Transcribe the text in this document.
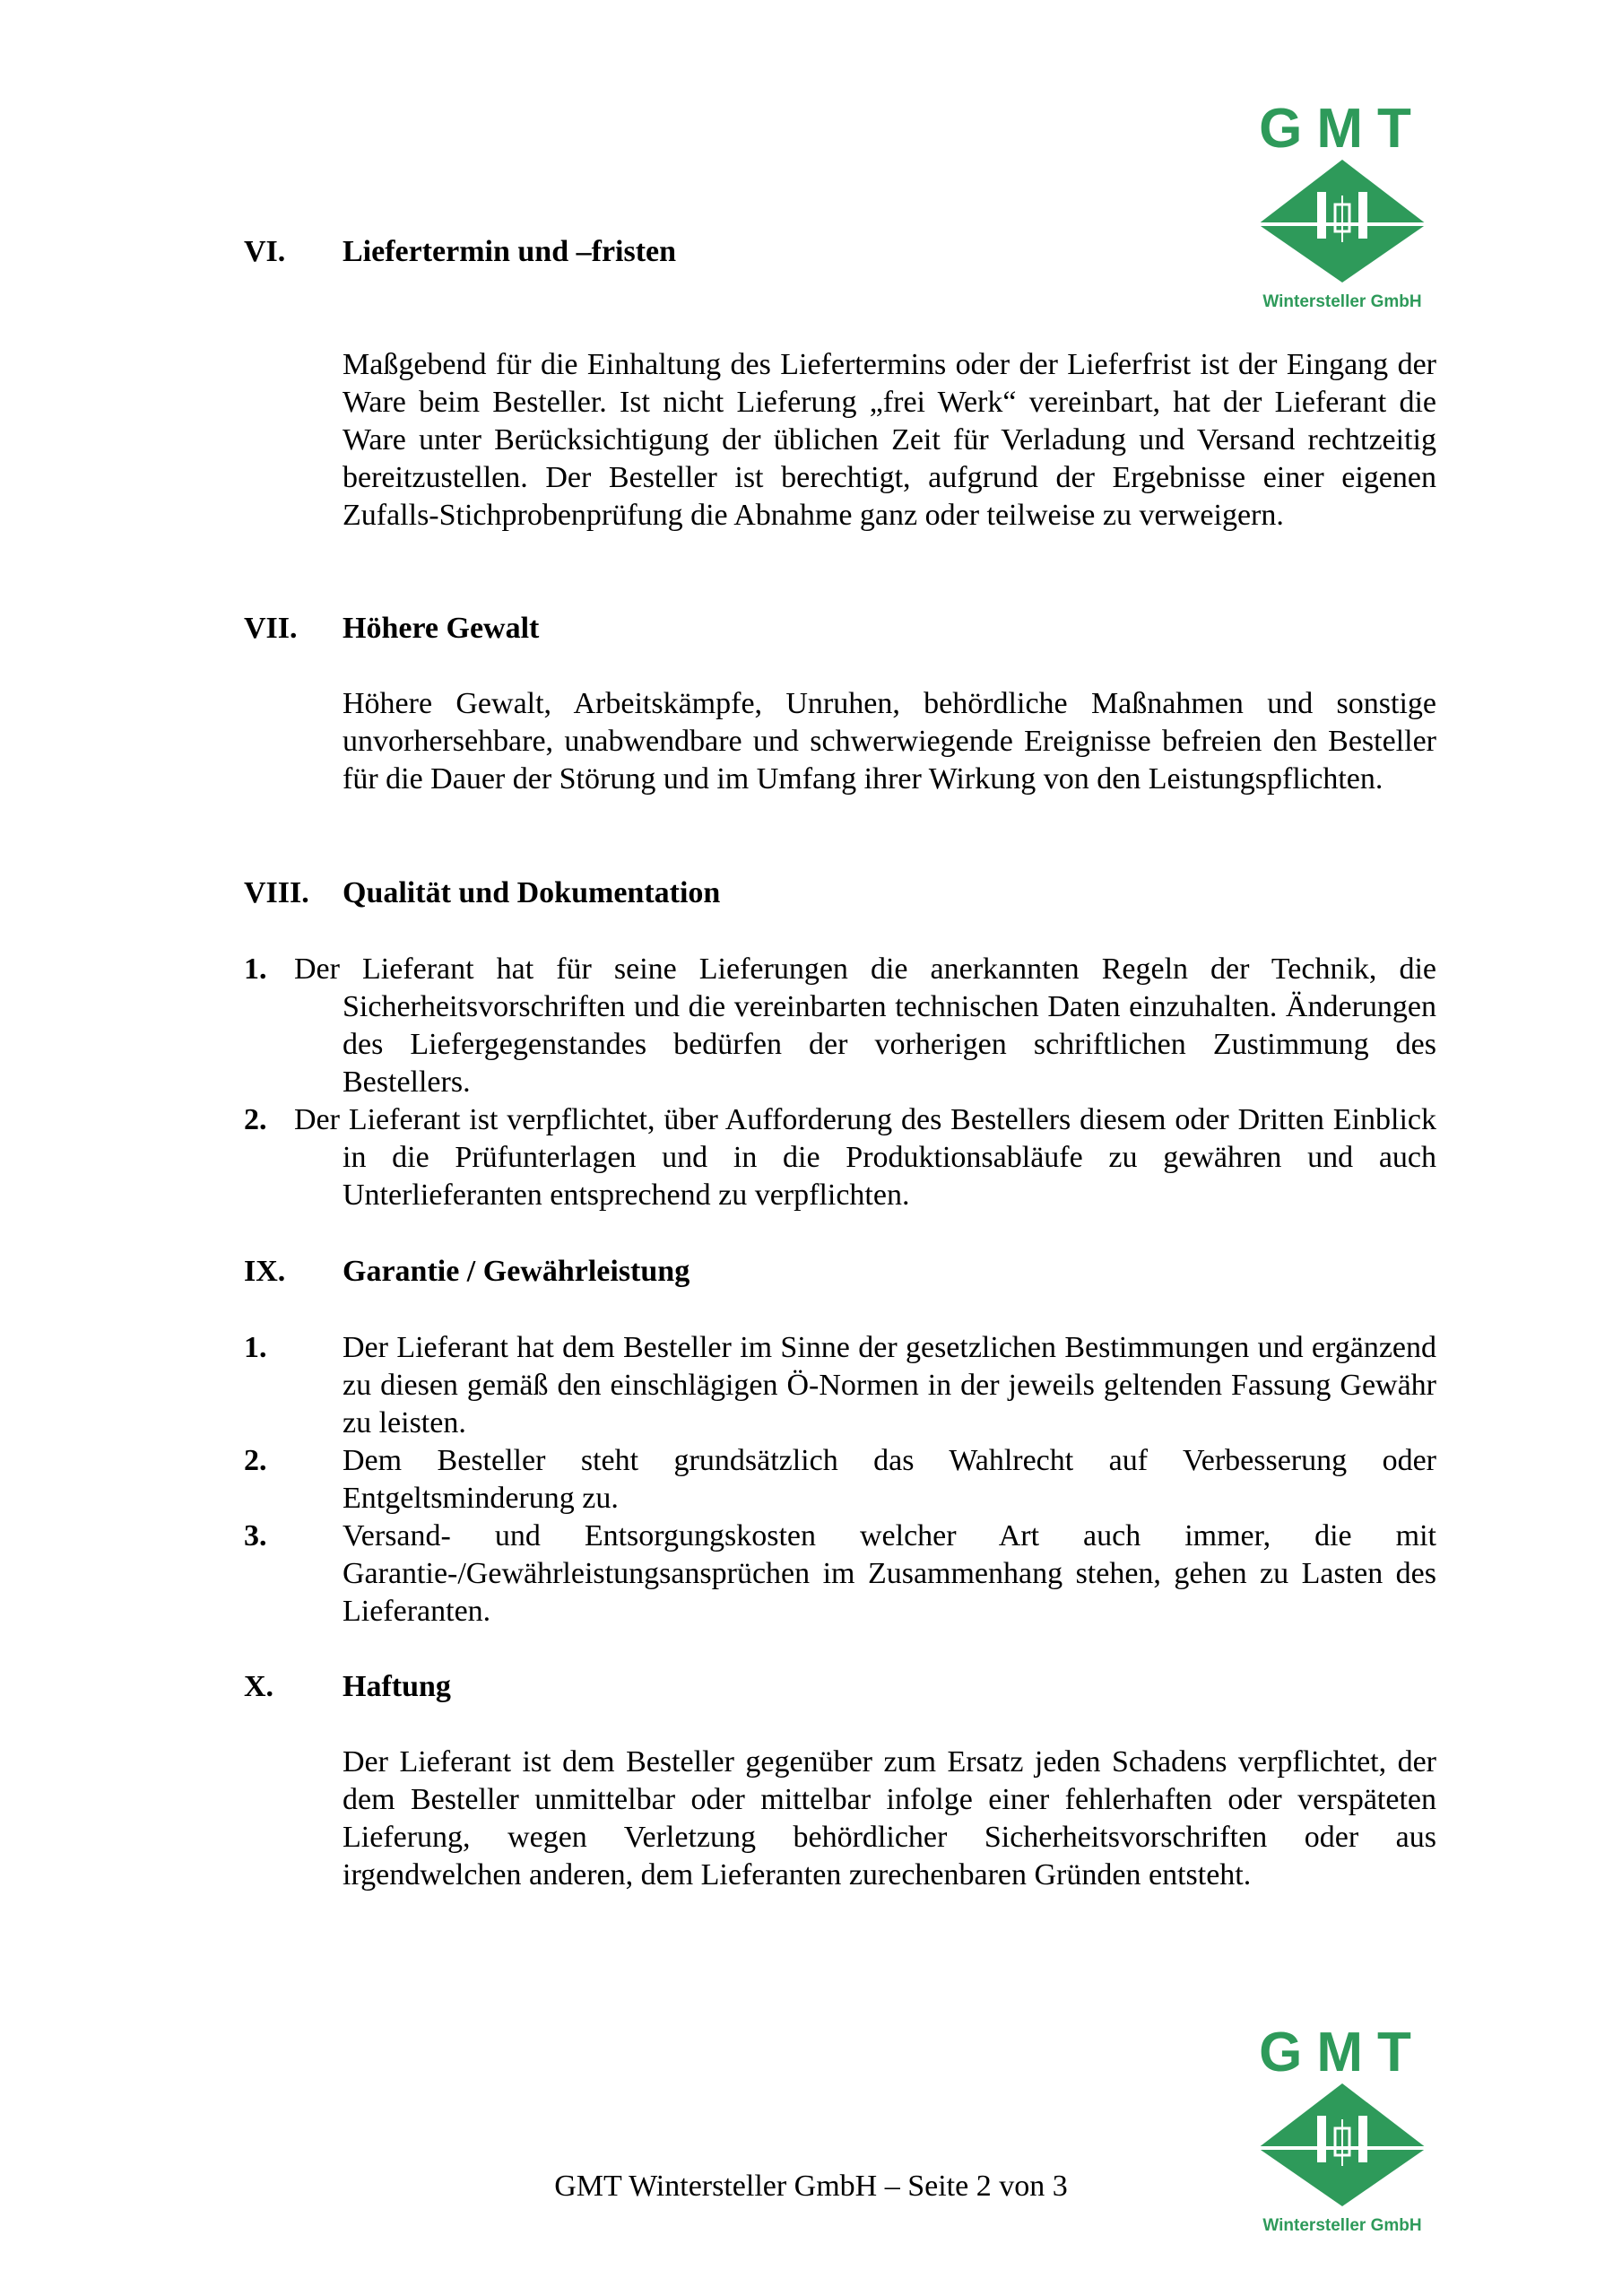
GMT
Wintersteller GmbH
VI. Liefertermin und –fristen

Maßgebend für die Einhaltung des Liefertermins oder der Lieferfrist ist der Eingang der Ware beim Besteller. Ist nicht Lieferung „frei Werk“ vereinbart, hat der Lieferant die Ware unter Berücksichtigung der üblichen Zeit für Verladung und Versand rechtzeitig bereitzustellen. Der Besteller ist berechtigt, aufgrund der Ergebnisse einer eigenen Zufalls-Stichprobenprüfung die Abnahme ganz oder teilweise zu verweigern.

VII. Höhere Gewalt

Höhere Gewalt, Arbeitskämpfe, Unruhen, behördliche Maßnahmen und sonstige unvorhersehbare, unabwendbare und schwerwiegende Ereignisse befreien den Besteller für die Dauer der Störung und im Umfang ihrer Wirkung von den Leistungspflichten.

VIII. Qualität und Dokumentation

1. Der Lieferant hat für seine Lieferungen die anerkannten Regeln der Technik, die Sicherheitsvorschriften und die vereinbarten technischen Daten einzuhalten. Änderungen des Liefergegenstandes bedürfen der vorherigen schriftlichen Zustimmung des Bestellers.

2. Der Lieferant ist verpflichtet, über Aufforderung des Bestellers diesem oder Dritten Einblick in die Prüfunterlagen und in die Produktionsabläufe zu gewähren und auch Unterlieferanten entsprechend zu verpflichten.

IX. Garantie / Gewährleistung
1. Der Lieferant hat dem Besteller im Sinne der gesetzlichen Bestimmungen und ergänzend zu diesen gemäß den einschlägigen Ö-Normen in der jeweils geltenden Fassung Gewähr zu leisten.
2. Dem Besteller steht grundsätzlich das Wahlrecht auf Verbesserung oder Entgeltsminderung zu.
3. Versand- und Entsorgungskosten welcher Art auch immer, die mit Garantie-/Gewährleistungsansprüchen im Zusammenhang stehen, gehen zu Lasten des Lieferanten.
X. Haftung

Der Lieferant ist dem Besteller gegenüber zum Ersatz jeden Schadens verpflichtet, der dem Besteller unmittelbar oder mittelbar infolge einer fehlerhaften oder verspäteten Lieferung, wegen Verletzung behördlicher Sicherheitsvorschriften oder aus irgendwelchen anderen, dem Lieferanten zurechenbaren Gründen entsteht.

GMT
Wintersteller GmbH
GMT Wintersteller GmbH – Seite 2 von 3
